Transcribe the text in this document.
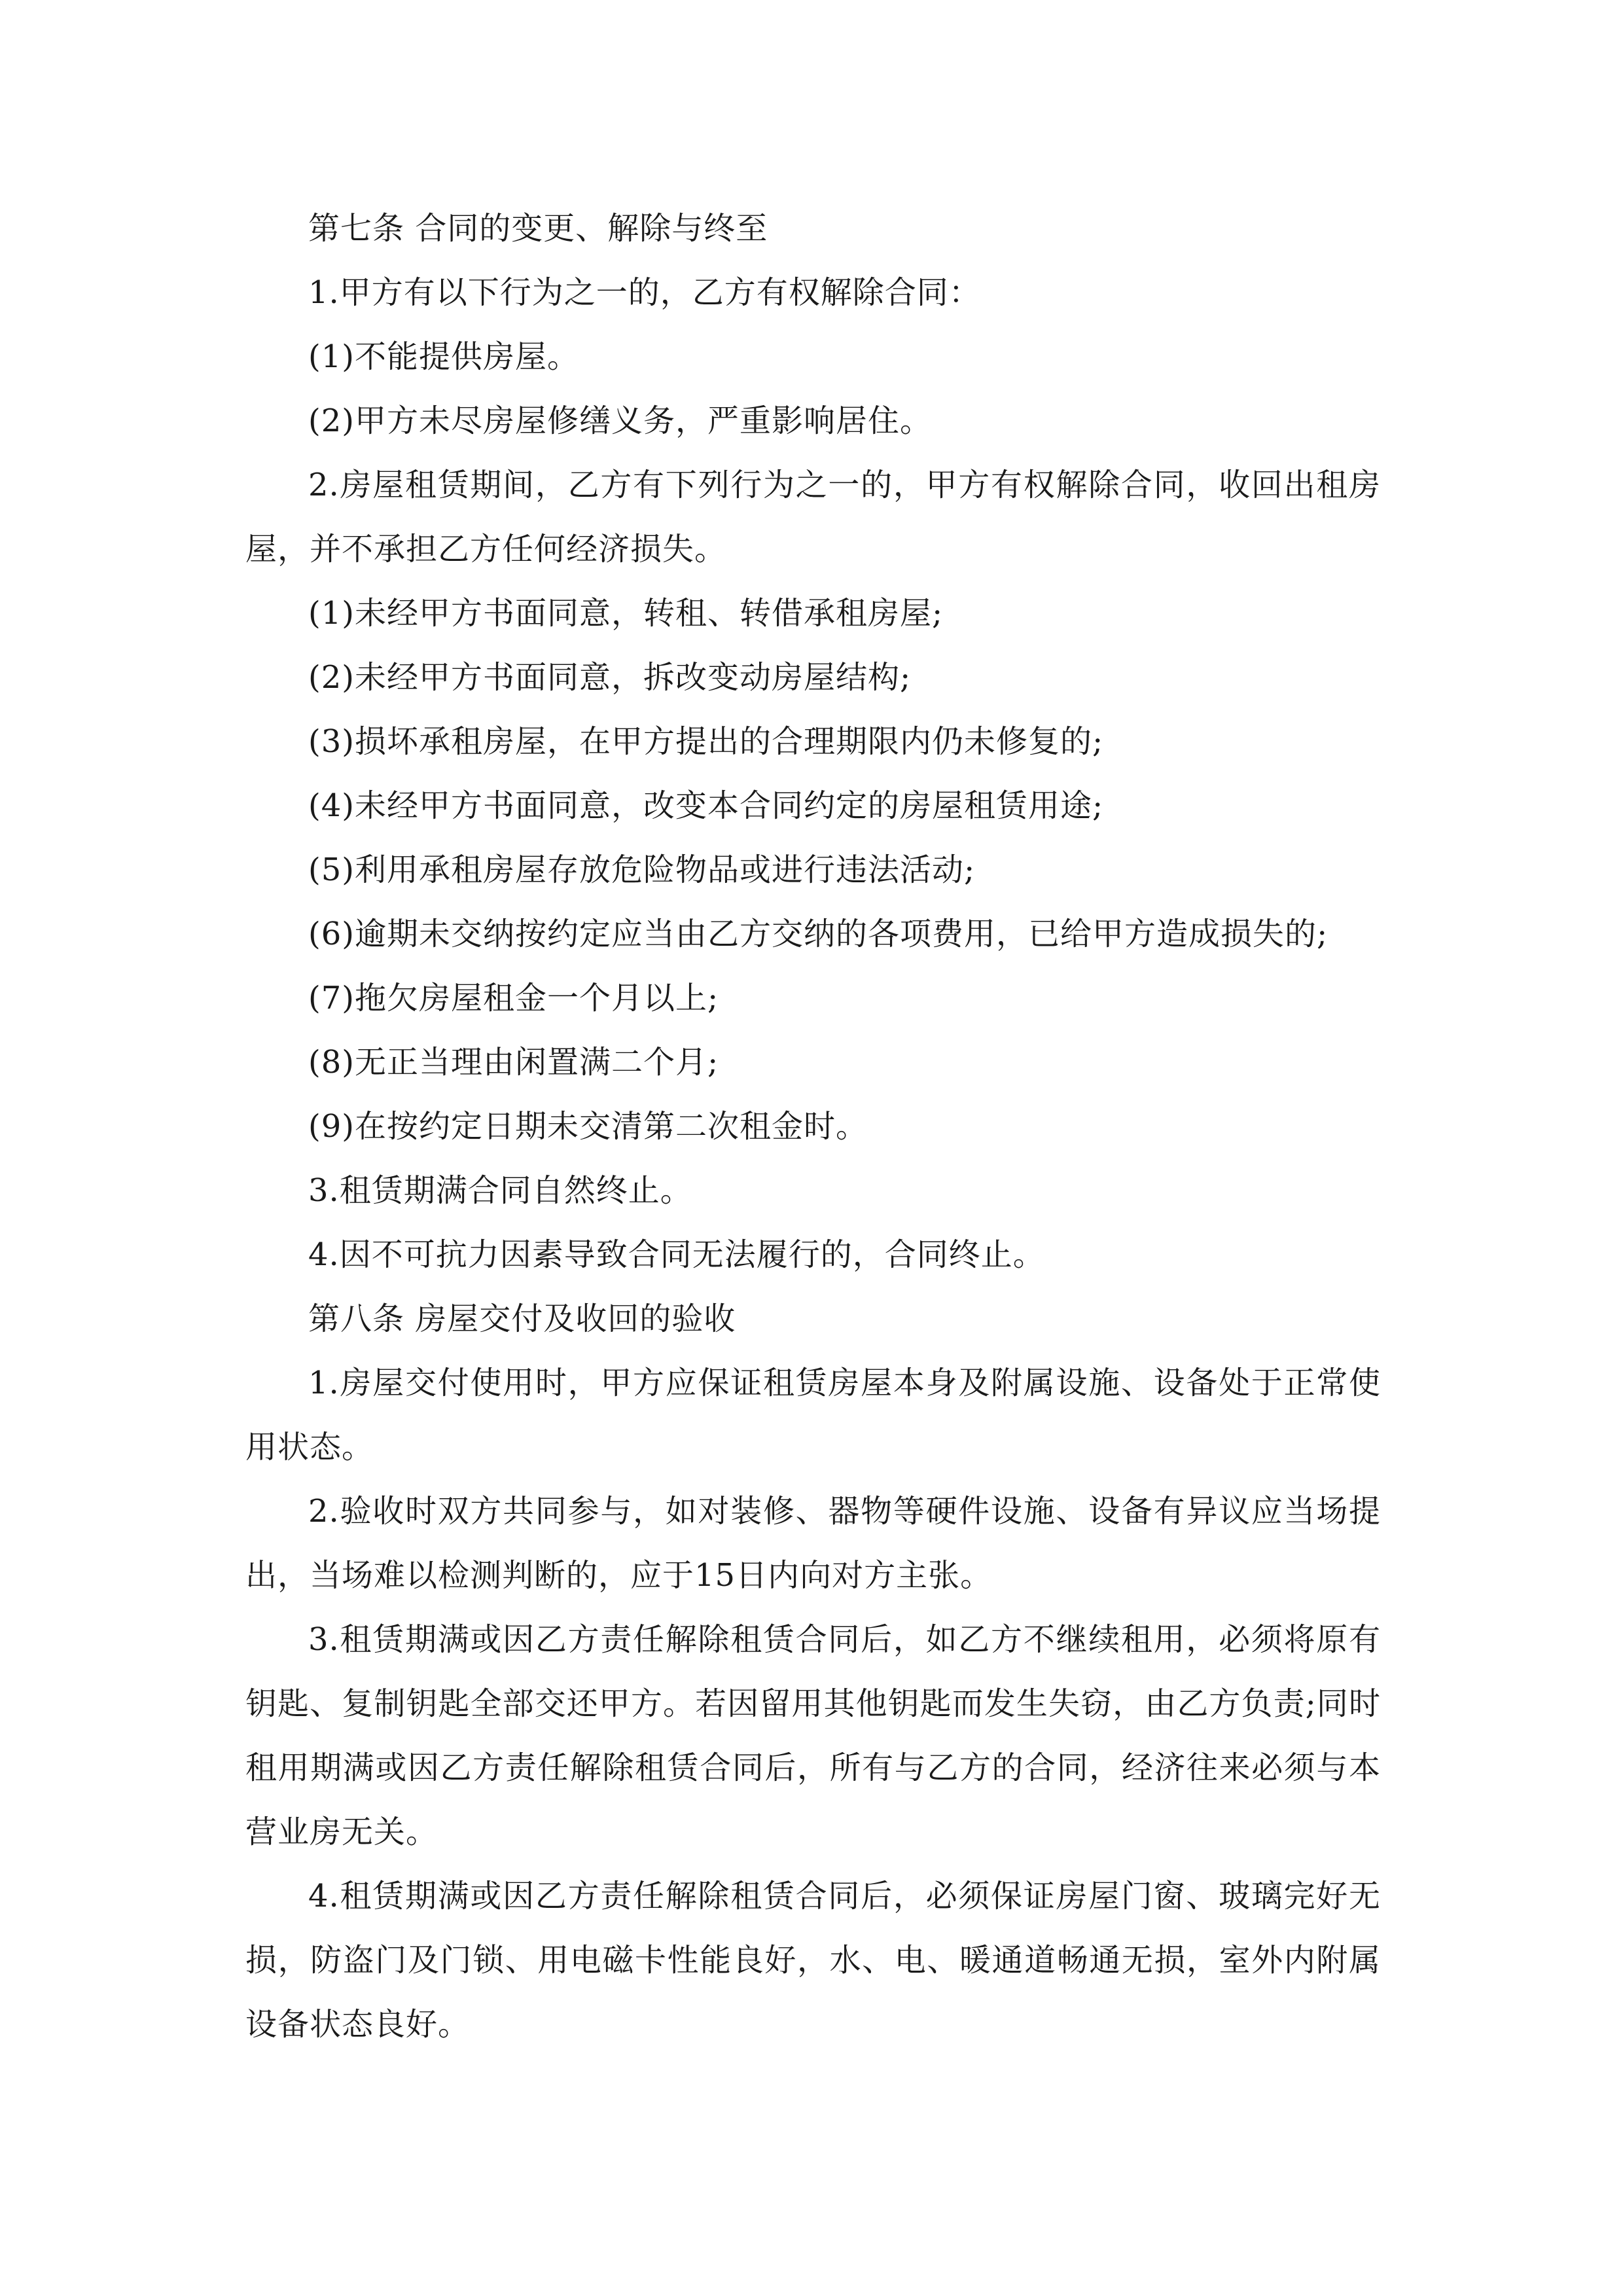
第七条 合同的变更、解除与终至

1.甲方有以下行为之一的，乙方有权解除合同：

(1)不能提供房屋。

(2)甲方未尽房屋修缮义务，严重影响居住。

2.房屋租赁期间，乙方有下列行为之一的，甲方有权解除合同，收回出租房屋，并不承担乙方任何经济损失。

(1)未经甲方书面同意，转租、转借承租房屋;

(2)未经甲方书面同意，拆改变动房屋结构;

(3)损坏承租房屋，在甲方提出的合理期限内仍未修复的;

(4)未经甲方书面同意，改变本合同约定的房屋租赁用途;

(5)利用承租房屋存放危险物品或进行违法活动;

(6)逾期未交纳按约定应当由乙方交纳的各项费用，已给甲方造成损失的;

(7)拖欠房屋租金一个月以上;

(8)无正当理由闲置满二个月;

(9)在按约定日期未交清第二次租金时。

3.租赁期满合同自然终止。

4.因不可抗力因素导致合同无法履行的，合同终止。

第八条 房屋交付及收回的验收

1.房屋交付使用时，甲方应保证租赁房屋本身及附属设施、设备处于正常使用状态。

2.验收时双方共同参与，如对装修、器物等硬件设施、设备有异议应当场提出，当场难以检测判断的，应于15日内向对方主张。

3.租赁期满或因乙方责任解除租赁合同后，如乙方不继续租用，必须将原有钥匙、复制钥匙全部交还甲方。若因留用其他钥匙而发生失窃，由乙方负责;同时租用期满或因乙方责任解除租赁合同后，所有与乙方的合同，经济往来必须与本营业房无关。

4.租赁期满或因乙方责任解除租赁合同后，必须保证房屋门窗、玻璃完好无损，防盗门及门锁、用电磁卡性能良好，水、电、暖通道畅通无损，室外内附属设备状态良好。
